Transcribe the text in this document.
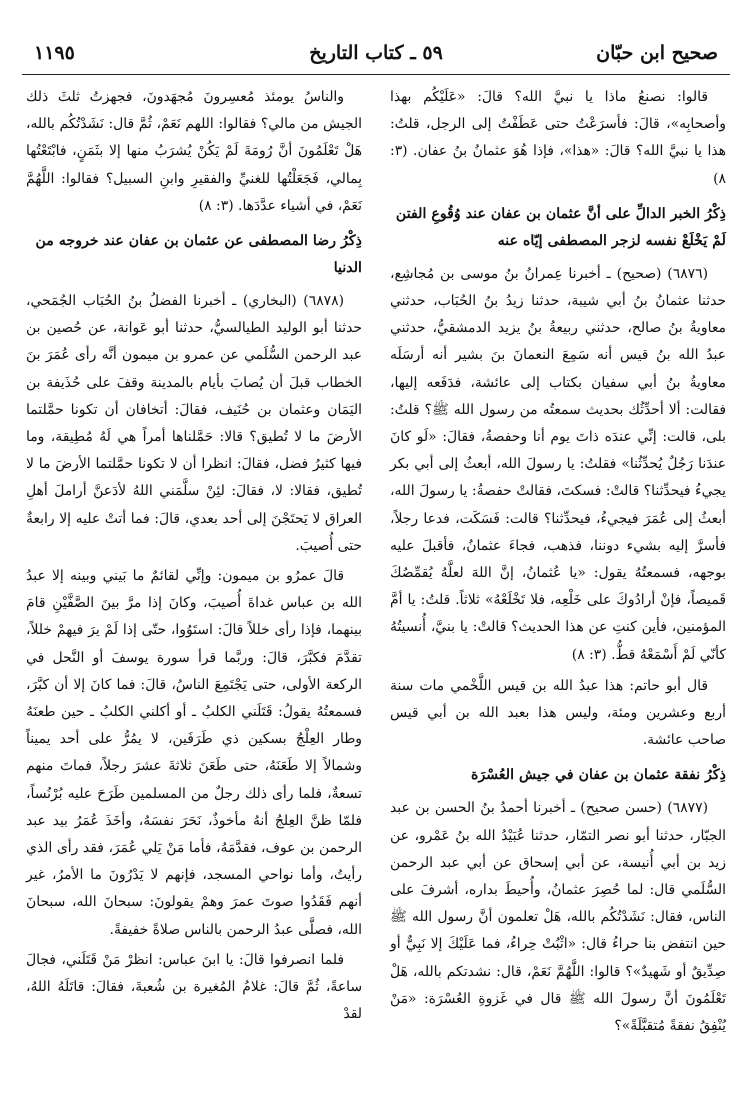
صحيح ابن حبّان
٥٩ ـ كتاب التاريخ
١١٩٥

قالوا: نصنعُ ماذا يا نبيَّ الله؟ قالَ: «عَلَيْكُم بهذا وأصحابِه»، قالَ: فأسرَعْتُ حتى عَطَفْتُ إلى الرجل، قلتُ: هذا يا نبيَّ الله؟ قالَ: «هذا»، فإذا هُوَ عثمانُ بنُ عفان. (٣: ٨)

ذِكْرُ الخبر الدالِّ على أنَّ عثمان بن عفان عند وُقُوعِ الفتن لَمْ يَخْلَعْ نفسه لزجر المصطفى إيّاه عنه

(٦٨٧٦) (صحيح) ـ أخبرنا عِمرانُ بنُ موسى بن مُجاشِع، حدثنا عثمانُ بنُ أبي شيبة، حدثنا زيدُ بنُ الحُبَاب، حدثني معاويةُ بنُ صالح، حدثني ربيعةُ بنُ يزيد الدمشقيُّ، حدثني عبدُ الله بنُ قيس أنه سَمِعَ النعمانَ بنَ بشير أنه أرسَلَه معاويةُ بنُ أبي سفيان بكتاب إلى عائشة، فدَفَعه إليها، فقالت: ألا أحدِّثُك بحديث سمعتُه من رسول الله ﷺ؟ قلتُ: بلى، قالت: إنِّي عندَه ذاتَ يوم أنا وحفصةُ، فقالَ: «لَو كانَ عندَنا رَجُلٌ يُحدِّثُنا» فقلتُ: يا رسولَ الله، أبعثُ إلى أبي بكر يجيءُ فيحدِّثنا؟ قالتْ: فسكتَ، فقالتْ حفصةُ: يا رسولَ الله، أبعثُ إلى عُمَرَ فيجيءُ، فيحدِّثنا؟ قالت: فَسَكَت، فدعا رجلاً، فأسرَّ إليه بشيء دوننا، فذهب، فجاءَ عثمانُ، فأقبلَ عليه بوجهه، فسمعتُهُ يقول: «يا عُثمانُ، إنَّ اللهَ لعلَّهُ يُقمِّصُكَ قَميصاً، فإنْ أرادُوكَ على خَلْعِه، فلا تَخْلَعْهُ» ثلاثاً. قلتُ: يا أمَّ المؤمنين، فأين كنتِ عن هذا الحديث؟ قالتْ: يا بنيَّ، أُنسيتُهُ كأنّي لَمْ أَسْمَعْهُ قطُّ. (٣: ٨)

قال أبو حاتم: هذا عبدُ الله بن قيس اللَّخْمي مات سنة أربع وعشرين ومئة، وليس هذا بعبد الله بن أبي قيس صاحب عائشة.

ذِكْرُ نفقة عثمان بن عفان في جيش العُسْرَة

(٦٨٧٧) (حسن صحيح) ـ أخبرنا أحمدُ بنُ الحسن بن عبد الجبّار، حدثنا أبو نصر التمّار، حدثنا عُبَيْدُ الله بنُ عَمْرو، عن زيد بن أبي أُنيسة، عن أبي إسحاق عن أبي عبد الرحمن السُّلَمي قال: لما حُصِرَ عثمانُ، وأُحيطَ بداره، أشرفَ على الناس، فقال: نَشَدْتُكُم بالله، هَلْ تعلمون أنَّ رسول الله ﷺ حين انتفض بنا حراءُ قال: «اثْبُتْ حِراءُ، فما عَلَيْكَ إلا نَبِيٌّ أو صِدِّيقٌ أو شَهيدٌ»؟ قالوا: اللَّهُمَّ نَعَمْ، قال: نشدتكم بالله، هَلْ تَعْلَمُونَ أنَّ رسولَ الله ﷺ قال في غَزوةِ العُسْرَة: «مَنْ يُنْفِقُ نفقةً مُتقبَّلَةً»؟

والناسُ يومئذ مُعسِرونَ مُجهَدونَ، فجهزتُ ثلثَ ذلك الجيش من مالي؟ فقالوا: اللهم نَعَمْ، ثُمَّ قال: نَشَدْتُكُم بالله، هَلْ تَعْلَمُونَ أنَّ رُومَةَ لَمْ يَكُنْ يُشرَبُ منها إلا بثَمَنٍ، فابْتَعْتُها بِمالي، فَجَعَلْتُها للغنيِّ والفقيرِ وابنِ السبيل؟ فقالوا: اللَّهُمَّ نَعَمْ، في أشياء عدَّدَها. (٣: ٨)

ذِكْرُ رضا المصطفى عن عثمان بن عفان عند خروجه من الدنيا

(٦٨٧٨) (البخاري) ـ أخبرنا الفضلُ بنُ الحُبَاب الجُمَحي، حدثنا أبو الوليد الطيالسيُّ، حدثنا أبو عَوانة، عن حُصين بن عبد الرحمن السُّلَمي عن عمرو بن ميمون أنَّه رأى عُمَرَ بنَ الخطاب قبلَ أن يُصابَ بأيام بالمدينة وقفَ على حُذَيفة بن اليَمَان وعثمان بن حُنَيف، فقالَ: أتخافان أن تكونا حمَّلتما الأرضَ ما لا تُطيق؟ قالا: حَمَّلناها أمراً هي لَهُ مُطِيقة، وما فيها كثيرُ فضل، فقالَ: انظرا أن لا تكونا حمَّلتما الأرضَ ما لا تُطيق، فقالا: لا، فقالَ: لئِنْ سلَّمَني اللهُ لأدَعنَّ أراملَ أهلِ العراق لا يَحتَجْنَ إلى أحد بعدي، قالَ: فما أتتْ عليه إلا رابعةٌ حتى أُصيبَ.

قالَ عمرُو بن ميمون: وإنِّي لقائمٌ ما بَيني وبينه إلا عبدُ الله بن عباس غداةَ أُصيبَ، وكانَ إذا مرَّ بينَ الصَّفَّيْنِ قامَ بينهما، فإذا رأى خللاً قالَ: استَوُوا، حتّى إذا لَمْ يرَ فيهمْ خللاً، تقدَّمَ فكبَّرَ، قالَ: وربَّما قرأ سورة يوسفَ أو النَّحل في الركعة الأولى، حتى يَجْتَمِعَ الناسُ، قالَ: فما كانَ إلا أن كبَّرَ، فسمعتُهُ يقولُ: قَتَلَني الكلبُ ـ أو أكلني الكلبُ ـ حين طعنَهُ وطار العِلْجُ بسكين ذي طَرَفَين، لا يمُرُّ على أحد يميناً وشمالاً إلا طَعَنَهُ، حتى طَعَنَ ثلاثةَ عشرَ رجلاً، فماتَ منهم تسعةٌ، فلما رأى ذلك رجلٌ من المسلمين طَرَحَ عليه بُرْنُساً، فلمّا ظنَّ العِلجُ أنهُ مأخوذٌ، نَحَرَ نفسَهُ، وأخَذَ عُمَرُ بيد عبد الرحمن بن عوف، فقدَّمَهُ، فأما مَنْ يَلي عُمَرَ، فقد رأى الذي رأيتُ، وأما نواحي المسجد، فإنهم لا يَدْرُونَ ما الأمرُ، غير أنهم فَقَدُوا صوتَ عمرَ وهمْ يقولونَ: سبحانَ الله، سبحانَ الله، فصلَّى عبدُ الرحمن بالناس صلاةً خفيفةً.

فلما انصرفوا قالَ: يا ابنَ عباس: انظرْ مَنْ قَتَلَني، فجالَ ساعةً، ثُمَّ قالَ: غلامُ المُغيرة بن شُعبةَ، فقالَ: قاتَلَهُ اللهُ، لقدْ
